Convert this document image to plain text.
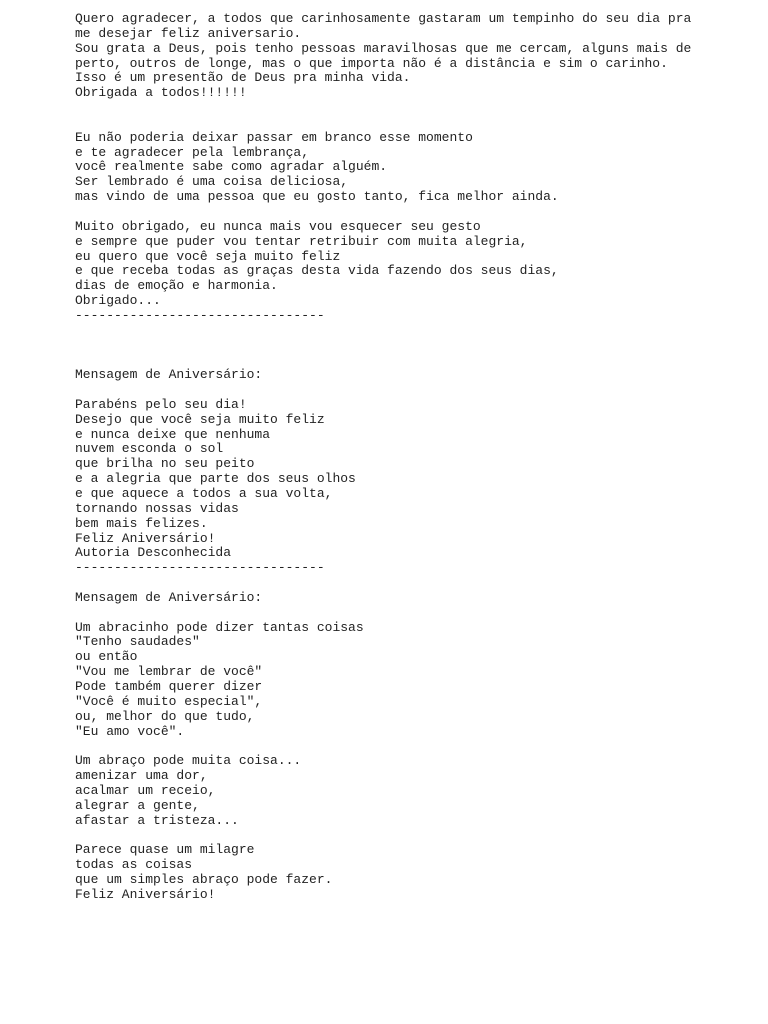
Quero agradecer, a todos que carinhosamente gastaram um tempinho do seu dia pra
me desejar feliz aniversario.
Sou grata a Deus, pois tenho pessoas maravilhosas que me cercam, alguns mais de
perto, outros de longe, mas o que importa não é a distância e sim o carinho.
Isso é um presentão de Deus pra minha vida.
Obrigada a todos!!!!!!
Eu não poderia deixar passar em branco esse momento
e te agradecer pela lembrança,
você realmente sabe como agradar alguém.
Ser lembrado é uma coisa deliciosa,
mas vindo de uma pessoa que eu gosto tanto, fica melhor ainda.
Muito obrigado, eu nunca mais vou esquecer seu gesto
e sempre que puder vou tentar retribuir com muita alegria,
eu quero que você seja muito feliz
e que receba todas as graças desta vida fazendo dos seus dias,
dias de emoção e harmonia.
Obrigado...
--------------------------------
Mensagem de Aniversário:
Parabéns pelo seu dia!
Desejo que você seja muito feliz
e nunca deixe que nenhuma
nuvem esconda o sol
que brilha no seu peito
e a alegria que parte dos seus olhos
e que aquece a todos a sua volta,
tornando nossas vidas
bem mais felizes.
Feliz Aniversário!
Autoria Desconhecida
--------------------------------
Mensagem de Aniversário:
Um abracinho pode dizer tantas coisas
"Tenho saudades"
ou então
"Vou me lembrar de você"
Pode também querer dizer
"Você é muito especial",
ou, melhor do que tudo,
"Eu amo você".
Um abraço pode muita coisa...
amenizar uma dor,
acalmar um receio,
alegrar a gente,
afastar a tristeza...
Parece quase um milagre
todas as coisas
que um simples abraço pode fazer.
Feliz Aniversário!
